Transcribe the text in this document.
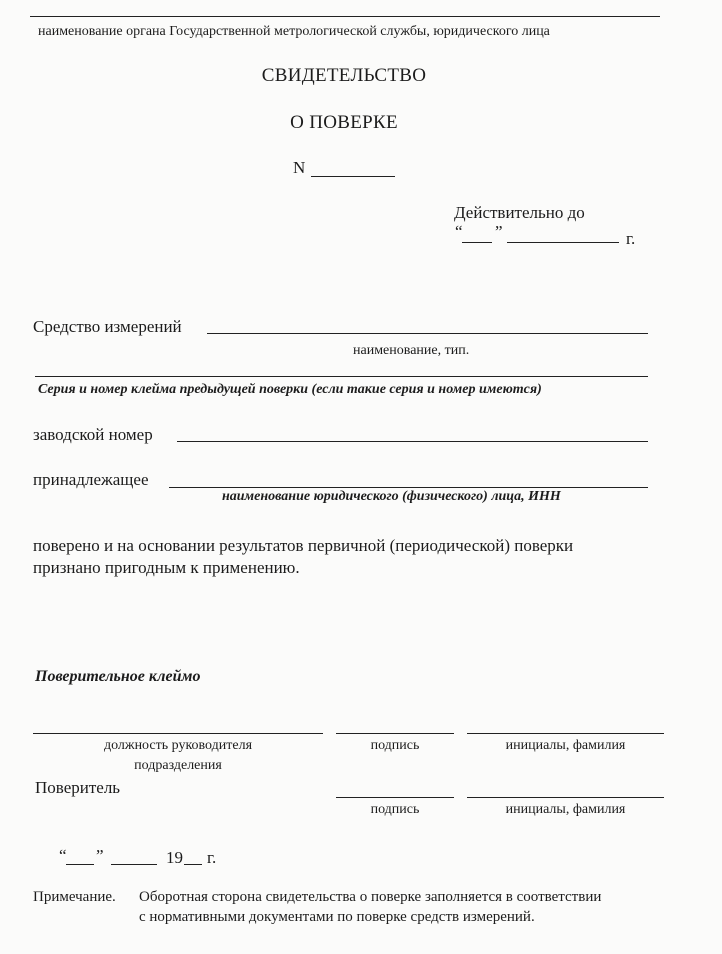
наименование органа Государственной метрологической службы, юридического лица
СВИДЕТЕЛЬСТВО
О ПОВЕРКЕ
N
Действительно до
“ ”	г.
Средство измерений
наименование, тип.
Серия и номер клейма предыдущей поверки (если такие серия и номер имеются)
заводской номер
принадлежащее
наименование юридического (физического) лица, ИНН
поверено и на основании результатов первичной (периодической) поверки
признано пригодным к применению.
Поверительное клеймо
должность руководителя
подразделения
подпись	инициалы, фамилия
Поверитель
подпись	инициалы, фамилия
“ ”	19 г.
Примечание. Оборотная сторона свидетельства о поверке заполняется в соответствии
с нормативными документами по поверке средств измерений.
